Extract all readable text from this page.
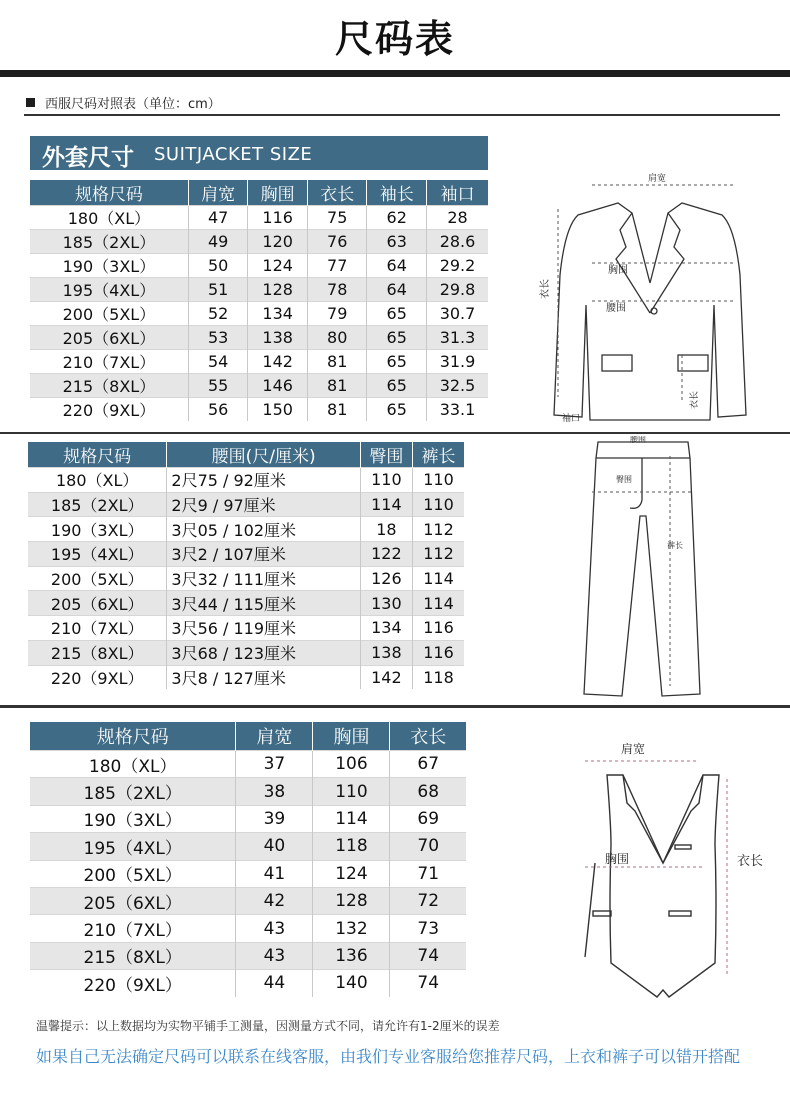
尺码表
西服尺码对照表（单位：cm）
外套尺寸 SUITJACKET SIZE
规格尺码	肩宽	胸围	衣长	袖长	袖口
180（XL）	47	116	75	62	28
185（2XL）	49	120	76	63	28.6
190（3XL）	50	124	77	64	29.2
195（4XL）	51	128	78	64	29.8
200（5XL）	52	134	79	65	30.7
205（6XL）	53	138	80	65	31.3
210（7XL）	54	142	81	65	31.9
215（8XL）	55	146	81	65	32.5
220（9XL）	56	150	81	65	33.1
肩宽
胸围
腰围
衣长
衣长
袖口
规格尺码	腰围(尺/厘米)	臀围	裤长
180（XL）	2尺75 / 92厘米	110	110
185（2XL）	2尺9 / 97厘米	114	110
190（3XL）	3尺05 / 102厘米	18	112
195（4XL）	3尺2 / 107厘米	122	112
200（5XL）	3尺32 / 111厘米	126	114
205（6XL）	3尺44 / 115厘米	130	114
210（7XL）	3尺56 / 119厘米	134	116
215（8XL）	3尺68 / 123厘米	138	116
220（9XL）	3尺8 / 127厘米	142	118
腰围
臀围
裤长
规格尺码	肩宽	胸围	衣长
180（XL）	37	106	67
185（2XL）	38	110	68
190（3XL）	39	114	69
195（4XL）	40	118	70
200（5XL）	41	124	71
205（6XL）	42	128	72
210（7XL）	43	132	73
215（8XL）	43	136	74
220（9XL）	44	140	74
肩宽
胸围	衣长
温馨提示：以上数据均为实物平铺手工测量，因测量方式不同，请允许有1-2厘米的误差
如果自己无法确定尺码可以联系在线客服，由我们专业客服给您推荐尺码，上衣和裤子可以错开搭配
